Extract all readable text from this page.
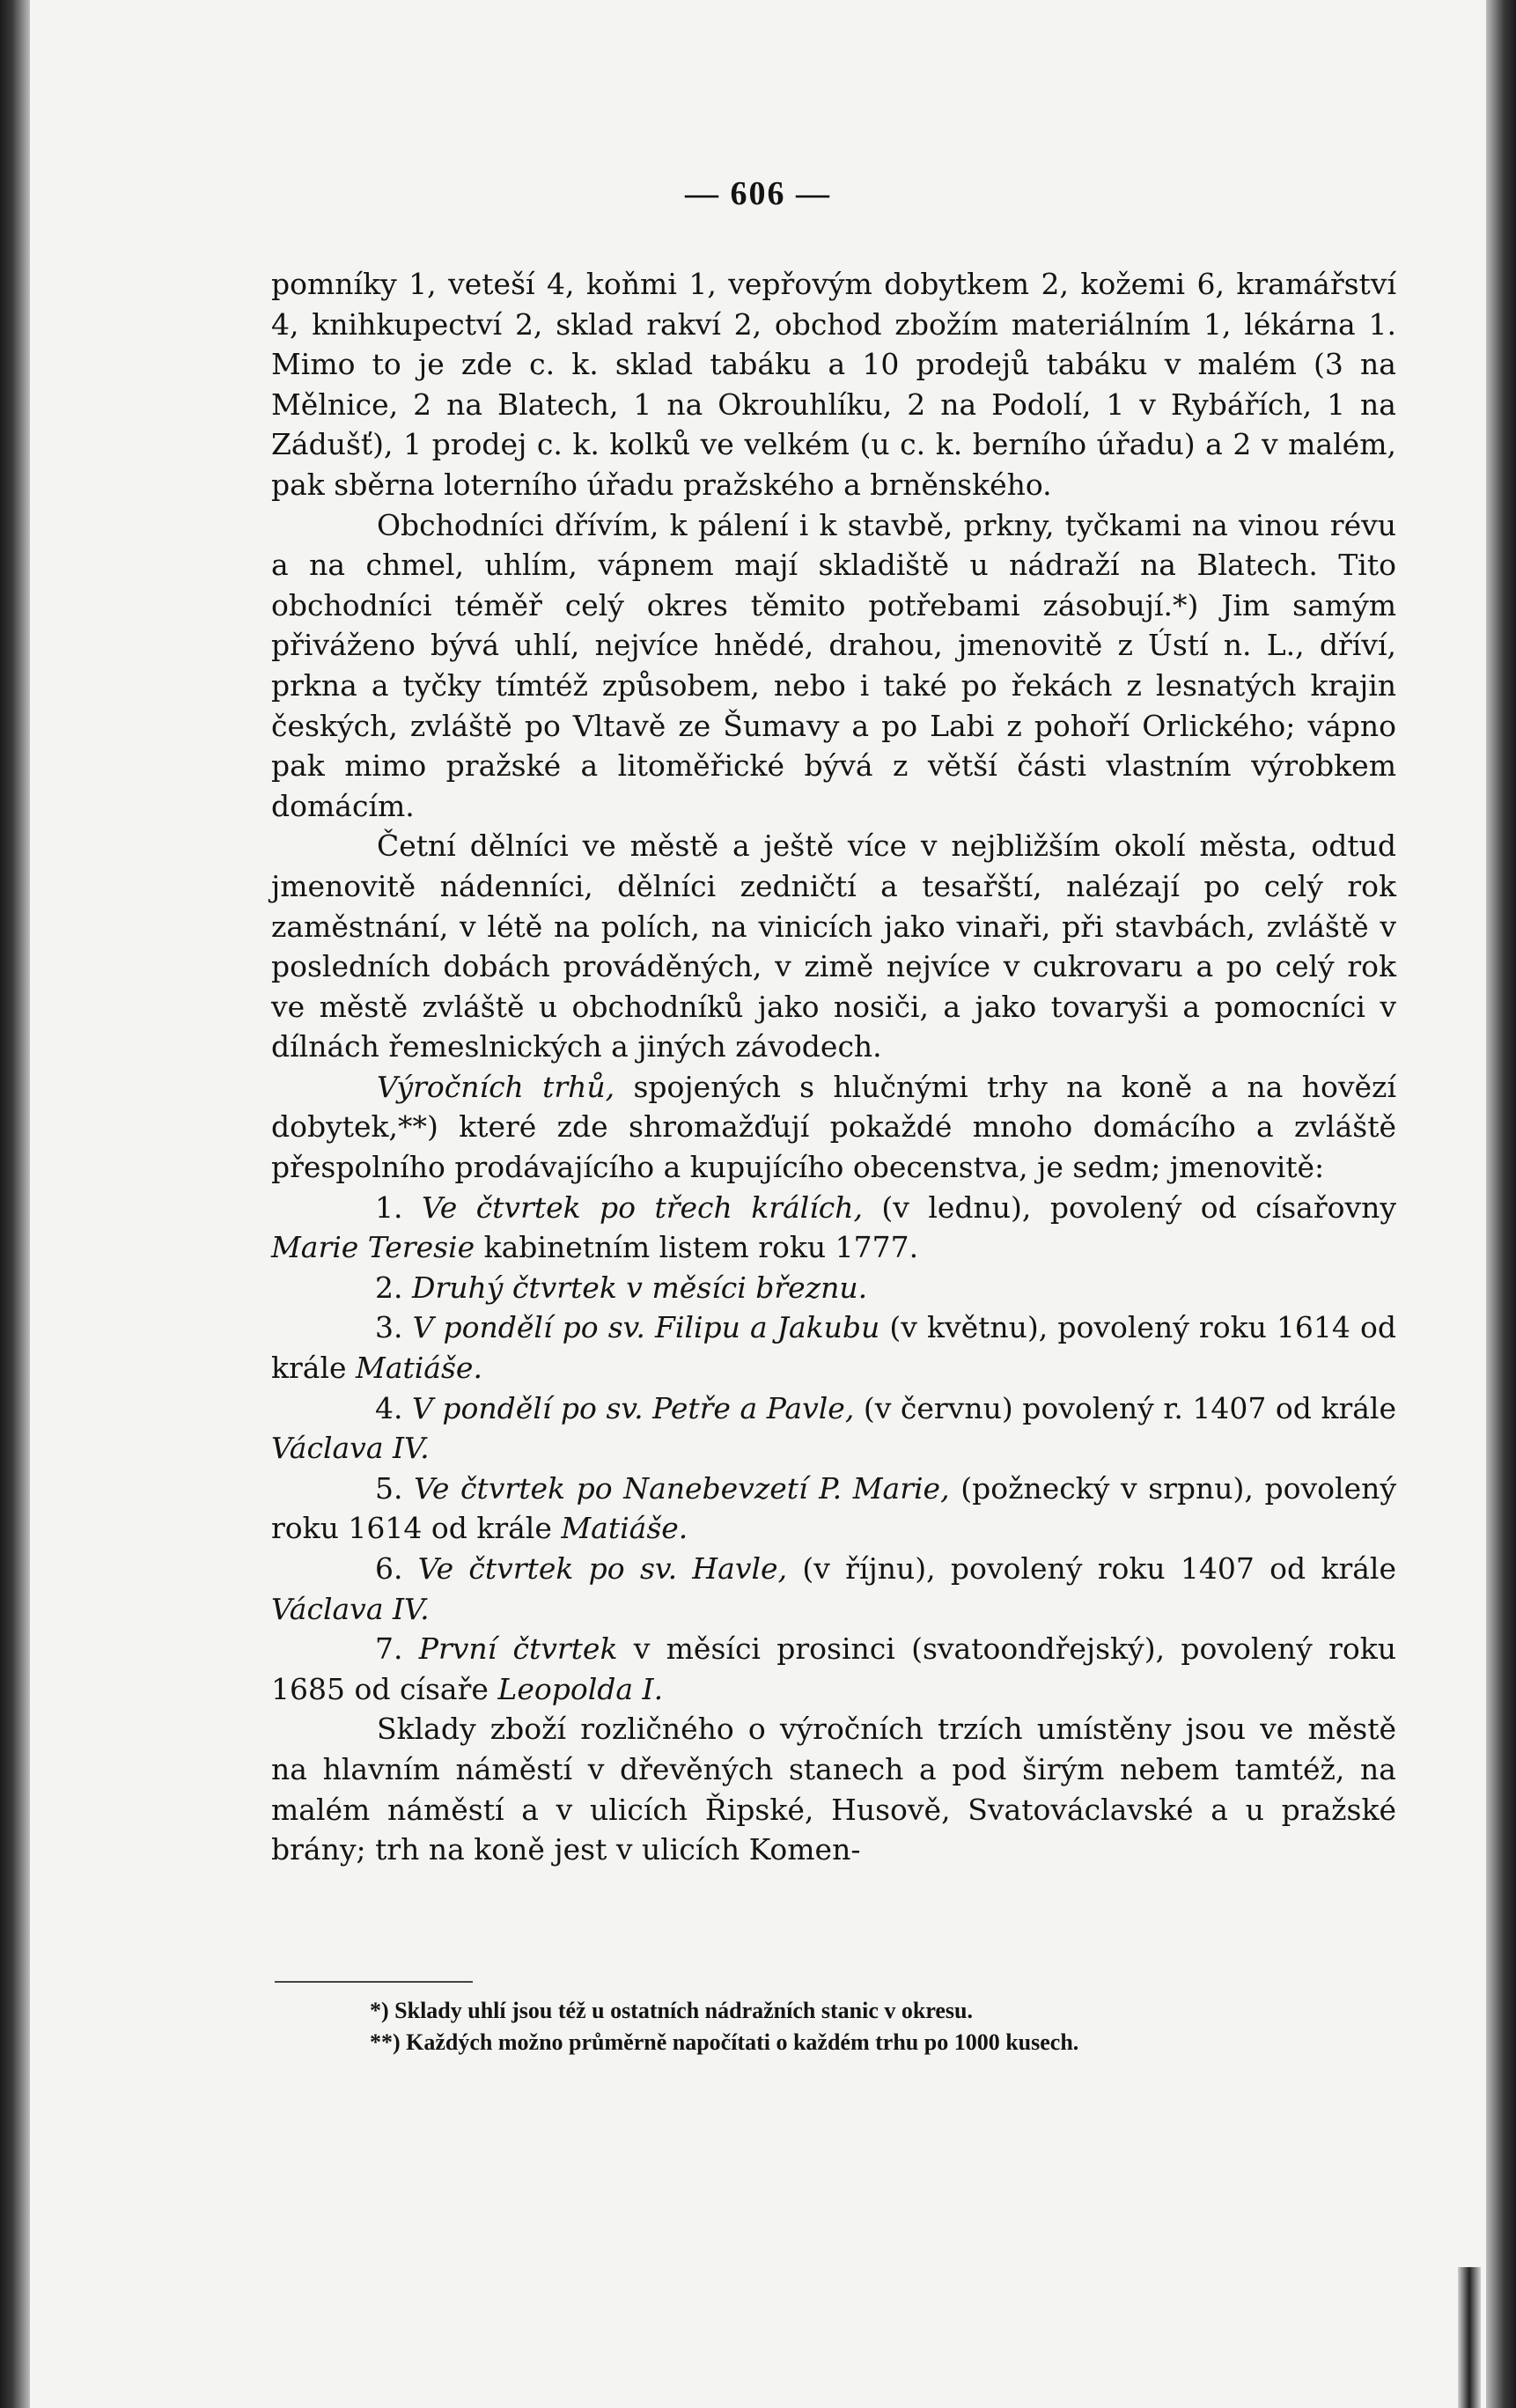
— 606 —

pomníky 1, veteší 4, koňmi 1, vepřovým dobytkem 2, kožemi 6, kramářství 4, knihkupectví 2, sklad rakví 2, obchod zbožím materiálním 1, lékárna 1. Mimo to je zde c. k. sklad tabáku a 10 prodejů tabáku v malém (3 na Mělnice, 2 na Blatech, 1 na Okrouhlíku, 2 na Podolí, 1 v Rybářích, 1 na Zádušť), 1 prodej c. k. kolků ve velkém (u c. k. berního úřadu) a 2 v malém, pak sběrna loterního úřadu pražského a brněnského.

Obchodníci dřívím, k pálení i k stavbě, prkny, tyčkami na vinou révu a na chmel, uhlím, vápnem mají skladiště u nádraží na Blatech. Tito obchodníci téměř celý okres těmito potřebami zásobují.*) Jim samým přiváženo bývá uhlí, nejvíce hnědé, drahou, jmenovitě z Ústí n. L., dříví, prkna a tyčky tímtéž způsobem, nebo i také po řekách z lesnatých krajin českých, zvláště po Vltavě ze Šumavy a po Labi z pohoří Orlického; vápno pak mimo pražské a litoměřické bývá z větší části vlastním výrobkem domácím.

Četní dělníci ve městě a ještě více v nejbližším okolí města, odtud jmenovitě nádenníci, dělníci zedničtí a tesařští, nalézají po celý rok zaměstnání, v létě na polích, na vinicích jako vinaři, při stavbách, zvláště v posledních dobách prováděných, v zimě nejvíce v cukrovaru a po celý rok ve městě zvláště u obchodníků jako nosiči, a jako tovaryši a pomocníci v dílnách řemeslnických a jiných závodech.

Výročních trhů, spojených s hlučnými trhy na koně a na hovězí dobytek,**) které zde shromažďují pokaždé mnoho domácího a zvláště přespolního prodávajícího a kupujícího obecenstva, je sedm; jmenovitě:

1. Ve čtvrtek po třech králích, (v lednu), povolený od císařovny Marie Teresie kabinetním listem roku 1777.

2. Druhý čtvrtek v měsíci březnu.

3. V pondělí po sv. Filipu a Jakubu (v květnu), povolený roku 1614 od krále Matiáše.

4. V pondělí po sv. Petře a Pavle, (v červnu) povolený r. 1407 od krále Václava IV.

5. Ve čtvrtek po Nanebevzetí P. Marie, (požnecký v srpnu), povolený roku 1614 od krále Matiáše.

6. Ve čtvrtek po sv. Havle, (v říjnu), povolený roku 1407 od krále Václava IV.

7. První čtvrtek v měsíci prosinci (svatoondřejský), povolený roku 1685 od císaře Leopolda I.

Sklady zboží rozličného o výročních trzích umístěny jsou ve městě na hlavním náměstí v dřevěných stanech a pod širým nebem tamtéž, na malém náměstí a v ulicích Řipské, Husově, Svatováclavské a u pražské brány; trh na koně jest v ulicích Komen-

*) Sklady uhlí jsou též u ostatních nádražních stanic v okresu.

**) Každých možno průměrně napočítati o každém trhu po 1000 kusech.
